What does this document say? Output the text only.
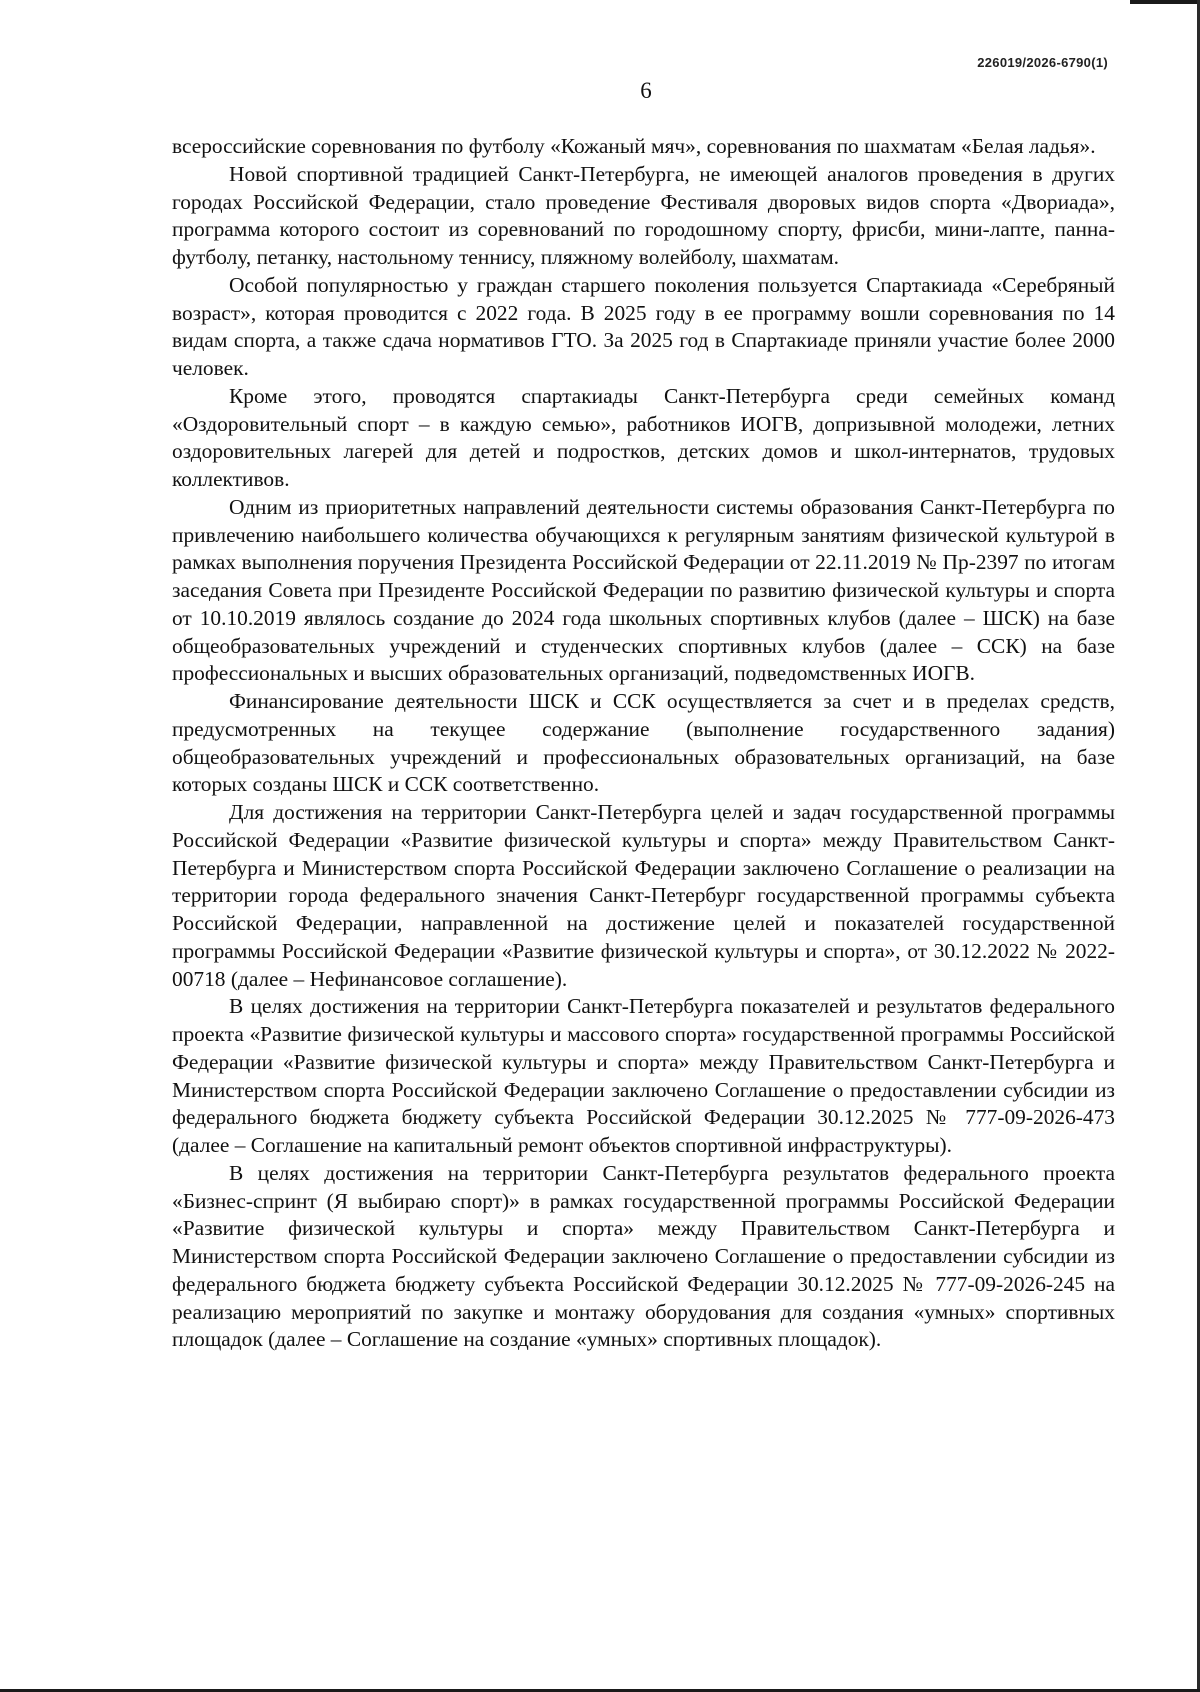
226019/2026-6790(1)
6

всероссийские соревнования по футболу «Кожаный мяч», соревнования по шахматам «Белая ладья».

Новой спортивной традицией Санкт-Петербурга, не имеющей аналогов проведения в других городах Российской Федерации, стало проведение Фестиваля дворовых видов спорта «Двориада», программа которого состоит из соревнований по городошному спорту, фрисби, мини-лапте, панна-футболу, петанку, настольному теннису, пляжному волейболу, шахматам.

Особой популярностью у граждан старшего поколения пользуется Спартакиада «Серебряный возраст», которая проводится с 2022 года. В 2025 году в ее программу вошли соревнования по 14 видам спорта, а также сдача нормативов ГТО. За 2025 год в Спартакиаде приняли участие более 2000 человек.

Кроме этого, проводятся спартакиады Санкт-Петербурга среди семейных команд «Оздоровительный спорт – в каждую семью», работников ИОГВ, допризывной молодежи, летних оздоровительных лагерей для детей и подростков, детских домов и школ-интернатов, трудовых коллективов.

Одним из приоритетных направлений деятельности системы образования Санкт-Петербурга по привлечению наибольшего количества обучающихся к регулярным занятиям физической культурой в рамках выполнения поручения Президента Российской Федерации от 22.11.2019 № Пр-2397 по итогам заседания Совета при Президенте Российской Федерации по развитию физической культуры и спорта от 10.10.2019 являлось создание до 2024 года школьных спортивных клубов (далее – ШСК) на базе общеобразовательных учреждений и студенческих спортивных клубов (далее – ССК) на базе профессиональных и высших образовательных организаций, подведомственных ИОГВ.

Финансирование деятельности ШСК и ССК осуществляется за счет и в пределах средств, предусмотренных на текущее содержание (выполнение государственного задания) общеобразовательных учреждений и профессиональных образовательных организаций, на базе которых созданы ШСК и ССК соответственно.

Для достижения на территории Санкт-Петербурга целей и задач государственной программы Российской Федерации «Развитие физической культуры и спорта» между Правительством Санкт-Петербурга и Министерством спорта Российской Федерации заключено Соглашение о реализации на территории города федерального значения Санкт-Петербург государственной программы субъекта Российской Федерации, направленной на достижение целей и показателей государственной программы Российской Федерации «Развитие физической культуры и спорта», от 30.12.2022 № 2022-00718 (далее – Нефинансовое соглашение).

В целях достижения на территории Санкт-Петербурга показателей и результатов федерального проекта «Развитие физической культуры и массового спорта» государственной программы Российской Федерации «Развитие физической культуры и спорта» между Правительством Санкт-Петербурга и Министерством спорта Российской Федерации заключено Соглашение о предоставлении субсидии из федерального бюджета бюджету субъекта Российской Федерации 30.12.2025 № 777-09-2026-473 (далее – Соглашение на капитальный ремонт объектов спортивной инфраструктуры).

В целях достижения на территории Санкт-Петербурга результатов федерального проекта «Бизнес-спринт (Я выбираю спорт)» в рамках государственной программы Российской Федерации «Развитие физической культуры и спорта» между Правительством Санкт-Петербурга и Министерством спорта Российской Федерации заключено Соглашение о предоставлении субсидии из федерального бюджета бюджету субъекта Российской Федерации 30.12.2025 № 777-09-2026-245 на реализацию мероприятий по закупке и монтажу оборудования для создания «умных» спортивных площадок (далее – Соглашение на создание «умных» спортивных площадок).
